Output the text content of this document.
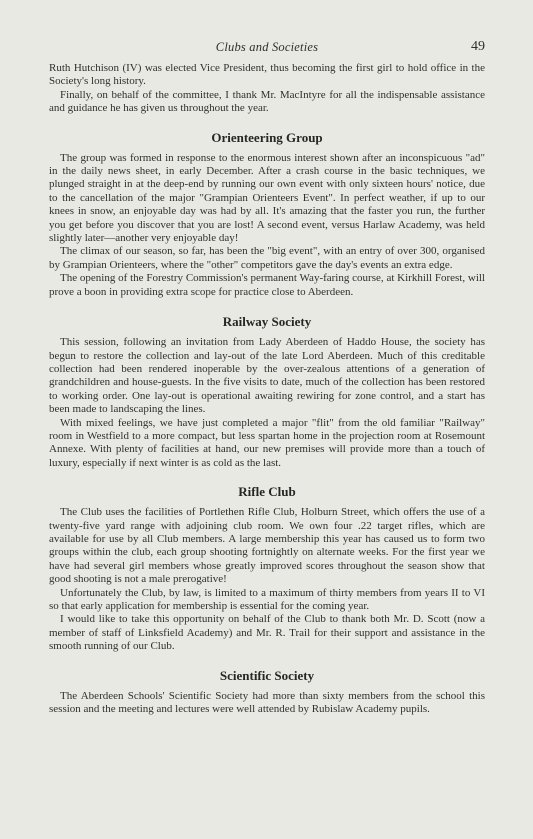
Clubs and Societies	49

Ruth Hutchison (IV) was elected Vice President, thus becoming the first girl to hold office in the Society's long history.

Finally, on behalf of the committee, I thank Mr. MacIntyre for all the indispensable assistance and guidance he has given us throughout the year.

Orienteering Group

The group was formed in response to the enormous interest shown after an inconspicuous "ad" in the daily news sheet, in early December. After a crash course in the basic techniques, we plunged straight in at the deep-end by running our own event with only sixteen hours' notice, due to the cancellation of the major "Grampian Orienteers Event". In perfect weather, if up to our knees in snow, an enjoyable day was had by all. It's amazing that the faster you run, the further you get before you discover that you are lost! A second event, versus Harlaw Academy, was held slightly later—another very enjoyable day!

The climax of our season, so far, has been the "big event", with an entry of over 300, organised by Grampian Orienteers, where the "other" competitors gave the day's events an extra edge.

The opening of the Forestry Commission's permanent Way-faring course, at Kirkhill Forest, will prove a boon in providing extra scope for practice close to Aberdeen.

Railway Society

This session, following an invitation from Lady Aberdeen of Haddo House, the society has begun to restore the collection and lay-out of the late Lord Aberdeen. Much of this creditable collection had been rendered inoperable by the over-zealous attentions of a generation of grandchildren and house-guests. In the five visits to date, much of the collection has been restored to working order. One lay-out is operational awaiting rewiring for zone control, and a start has been made to landscaping the lines.

With mixed feelings, we have just completed a major "flit" from the old familiar "Railway" room in Westfield to a more compact, but less spartan home in the projection room at Rosemount Annexe. With plenty of facilities at hand, our new premises will provide more than a touch of luxury, especially if next winter is as cold as the last.

Rifle Club

The Club uses the facilities of Portlethen Rifle Club, Holburn Street, which offers the use of a twenty-five yard range with adjoining club room. We own four .22 target rifles, which are available for use by all Club members. A large membership this year has caused us to form two groups within the club, each group shooting fortnightly on alternate weeks. For the first year we have had several girl members whose greatly improved scores throughout the season show that good shooting is not a male prerogative!

Unfortunately the Club, by law, is limited to a maximum of thirty members from years II to VI so that early application for membership is essential for the coming year.

I would like to take this opportunity on behalf of the Club to thank both Mr. D. Scott (now a member of staff of Linksfield Academy) and Mr. R. Trail for their support and assistance in the smooth running of our Club.

Scientific Society

The Aberdeen Schools' Scientific Society had more than sixty members from the school this session and the meeting and lectures were well attended by Rubislaw Academy pupils.
